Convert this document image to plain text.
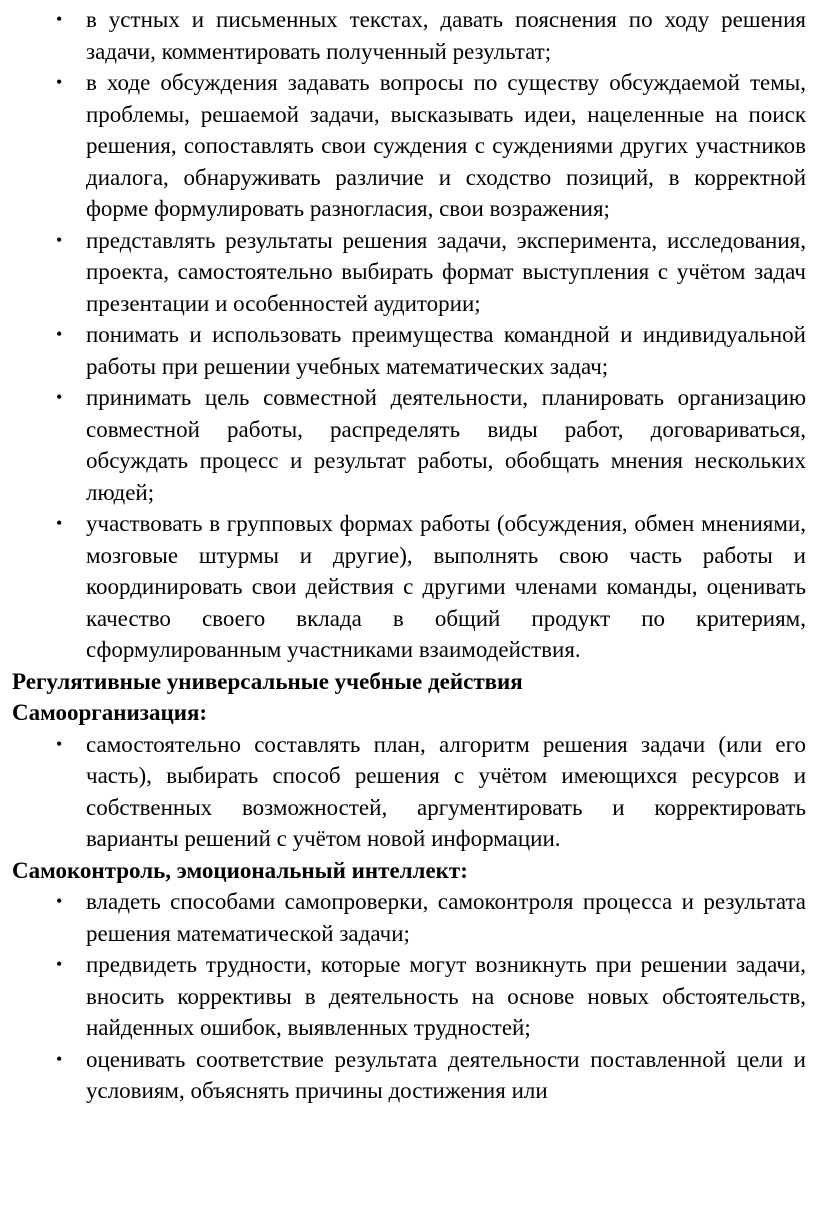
• в устных и письменных текстах, давать пояснения по ходу решения задачи, комментировать полученный результат;
• в ходе обсуждения задавать вопросы по существу обсуждаемой темы, проблемы, решаемой задачи, высказывать идеи, нацеленные на поиск решения, сопоставлять свои суждения с суждениями других участников диалога, обнаруживать различие и сходство позиций, в корректной форме формулировать разногласия, свои возражения;
• представлять результаты решения задачи, эксперимента, исследования, проекта, самостоятельно выбирать формат выступления с учётом задач презентации и особенностей аудитории;
• понимать и использовать преимущества командной и индивидуальной работы при решении учебных математических задач;
• принимать цель совместной деятельности, планировать организацию совместной работы, распределять виды работ, договариваться, обсуждать процесс и результат работы, обобщать мнения нескольких людей;
• участвовать в групповых формах работы (обсуждения, обмен мнениями, мозговые штурмы и другие), выполнять свою часть работы и координировать свои действия с другими членами команды, оценивать качество своего вклада в общий продукт по критериям, сформулированным участниками взаимодействия.
Регулятивные универсальные учебные действия
Самоорганизация:
• самостоятельно составлять план, алгоритм решения задачи (или его часть), выбирать способ решения с учётом имеющихся ресурсов и собственных возможностей, аргументировать и корректировать варианты решений с учётом новой информации.
Самоконтроль, эмоциональный интеллект:
• владеть способами самопроверки, самоконтроля процесса и результата решения математической задачи;
• предвидеть трудности, которые могут возникнуть при решении задачи, вносить коррективы в деятельность на основе новых обстоятельств, найденных ошибок, выявленных трудностей;
• оценивать соответствие результата деятельности поставленной цели и условиям, объяснять причины достижения или
